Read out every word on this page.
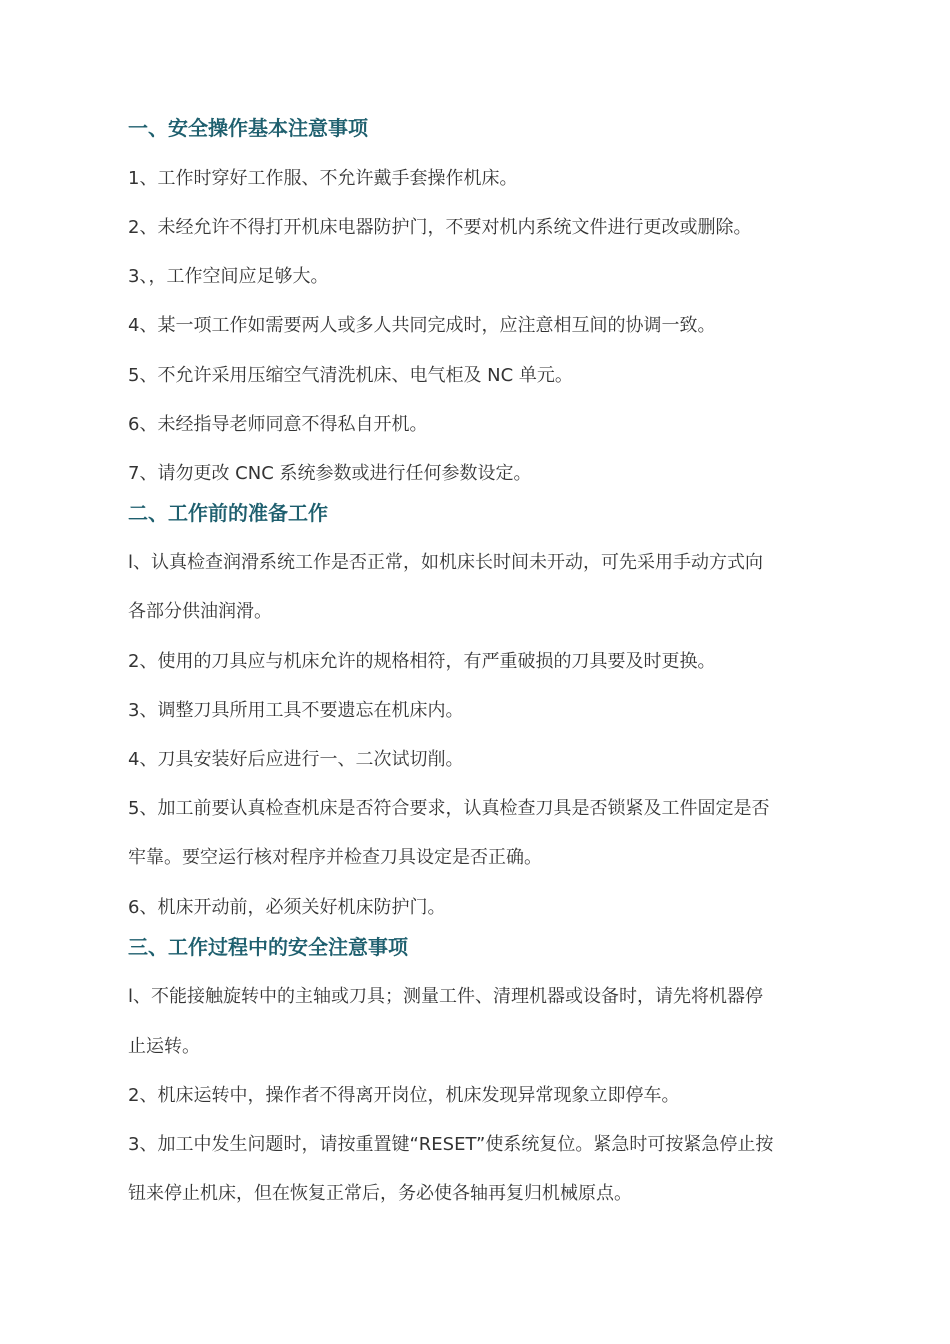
一、安全操作基本注意事项
1、工作时穿好工作服、不允许戴手套操作机床。
2、未经允许不得打开机床电器防护门，不要对机内系统文件进行更改或删除。
3、，工作空间应足够大。
4、某一项工作如需要两人或多人共同完成时，应注意相互间的协调一致。
5、不允许采用压缩空气清洗机床、电气柜及 NC 单元。
6、未经指导老师同意不得私自开机。
7、请勿更改 CNC 系统参数或进行任何参数设定。
二、工作前的准备工作
l、认真检查润滑系统工作是否正常，如机床长时间未开动，可先采用手动方式向
各部分供油润滑。
2、使用的刀具应与机床允许的规格相符，有严重破损的刀具要及时更换。
3、调整刀具所用工具不要遗忘在机床内。
4、刀具安装好后应进行一、二次试切削。
5、加工前要认真检查机床是否符合要求，认真检查刀具是否锁紧及工件固定是否
牢靠。要空运行核对程序并检查刀具设定是否正确。
6、机床开动前，必须关好机床防护门。
三、工作过程中的安全注意事项
l、不能接触旋转中的主轴或刀具；测量工件、清理机器或设备时，请先将机器停
止运转。
2、机床运转中，操作者不得离开岗位，机床发现异常现象立即停车。
3、加工中发生问题时，请按重置键“RESET”使系统复位。紧急时可按紧急停止按
钮来停止机床，但在恢复正常后，务必使各轴再复归机械原点。
